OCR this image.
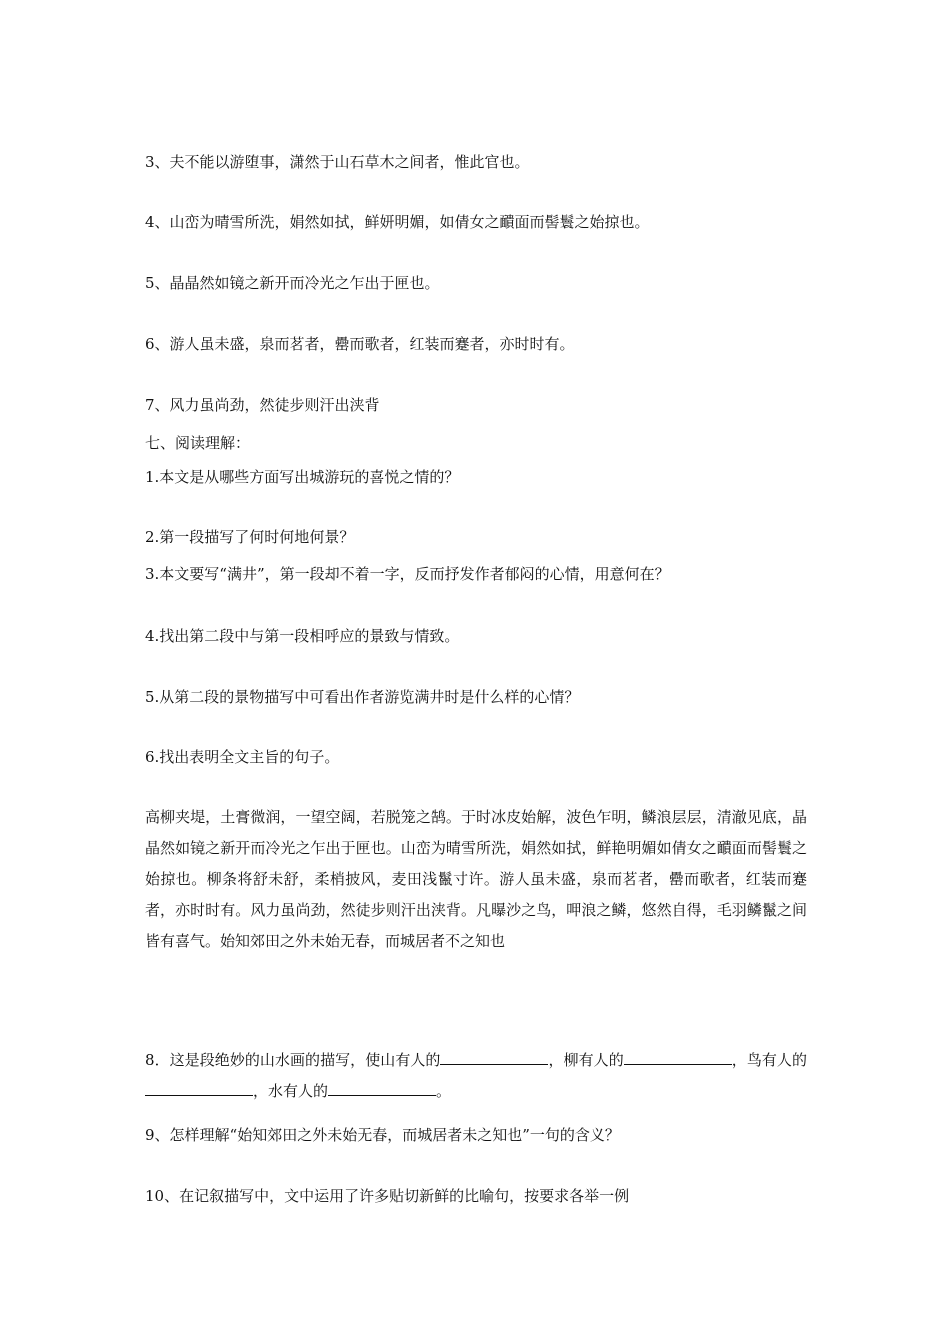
3、夫不能以游堕事，潇然于山石草木之间者，惟此官也。
4、山峦为晴雪所洗，娟然如拭，鲜妍明媚，如倩女之靧面而髻鬟之始掠也。
5、晶晶然如镜之新开而冷光之乍出于匣也。
6、游人虽未盛，泉而茗者，罍而歌者，红装而蹇者，亦时时有。
7、风力虽尚劲，然徒步则汗出浃背
七、阅读理解：
1.本文是从哪些方面写出城游玩的喜悦之情的？
2.第一段描写了何时何地何景？
3.本文要写“满井”，第一段却不着一字，反而抒发作者郁闷的心情，用意何在？
4.找出第二段中与第一段相呼应的景致与情致。
5.从第二段的景物描写中可看出作者游览满井时是什么样的心情？
6.找出表明全文主旨的句子。

高柳夹堤，土膏微润，一望空阔，若脱笼之鹄。于时冰皮始解，波色乍明，鳞浪层层，清澈见底，晶晶然如镜之新开而冷光之乍出于匣也。山峦为晴雪所洗，娟然如拭，鲜艳明媚如倩女之靧面而髻鬟之始掠也。柳条将舒未舒，柔梢披风，麦田浅鬣寸许。游人虽未盛，泉而茗者，罍而歌者，红装而蹇者，亦时时有。风力虽尚劲，然徒步则汗出浃背。凡曝沙之鸟，呷浪之鳞，悠然自得，毛羽鳞鬣之间皆有喜气。始知郊田之外未始无春，而城居者不之知也

8．这是段绝妙的山水画的描写，使山有人的	，柳有人的	，鸟有人的，水有人的	。

9、怎样理解“始知郊田之外未始无春，而城居者未之知也”一句的含义？
10、在记叙描写中，文中运用了许多贴切新鲜的比喻句，按要求各举一例
